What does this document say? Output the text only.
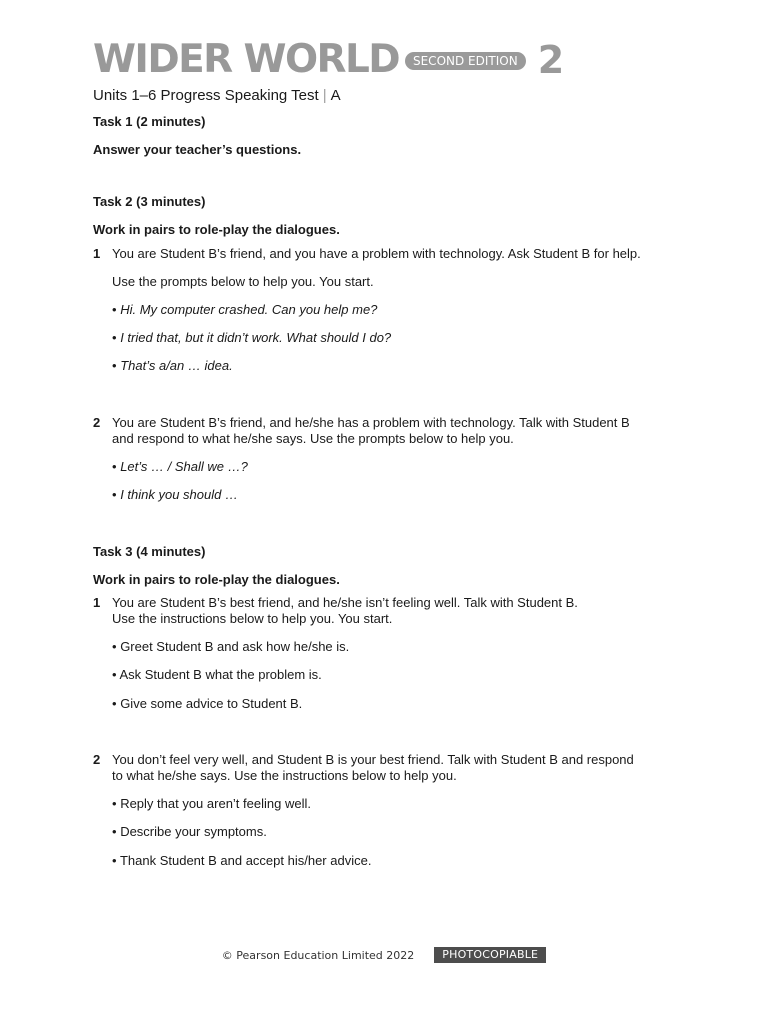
WIDER WORLD	SECOND EDITION 2
Units 1–6 Progress Speaking Test | A
Task 1 (2 minutes)
Answer your teacher’s questions.
Task 2 (3 minutes)
Work in pairs to role-play the dialogues.
1 You are Student B’s friend, and you have a problem with technology. Ask Student B for help.
Use the prompts below to help you. You start.
• Hi. My computer crashed. Can you help me?
• I tried that, but it didn’t work. What should I do?
• That’s a/an … idea.
2 You are Student B’s friend, and he/she has a problem with technology. Talk with Student B
and respond to what he/she says. Use the prompts below to help you.
• Let’s … / Shall we …?
• I think you should …
Task 3 (4 minutes)
Work in pairs to role-play the dialogues.
1 You are Student B’s best friend, and he/she isn’t feeling well. Talk with Student B.
Use the instructions below to help you. You start.
• Greet Student B and ask how he/she is.
• Ask Student B what the problem is.
• Give some advice to Student B.
2 You don’t feel very well, and Student B is your best friend. Talk with Student B and respond
to what he/she says. Use the instructions below to help you.
• Reply that you aren’t feeling well.
• Describe your symptoms.
• Thank Student B and accept his/her advice.
© Pearson Education Limited 2022	PHOTOCOPIABLE
